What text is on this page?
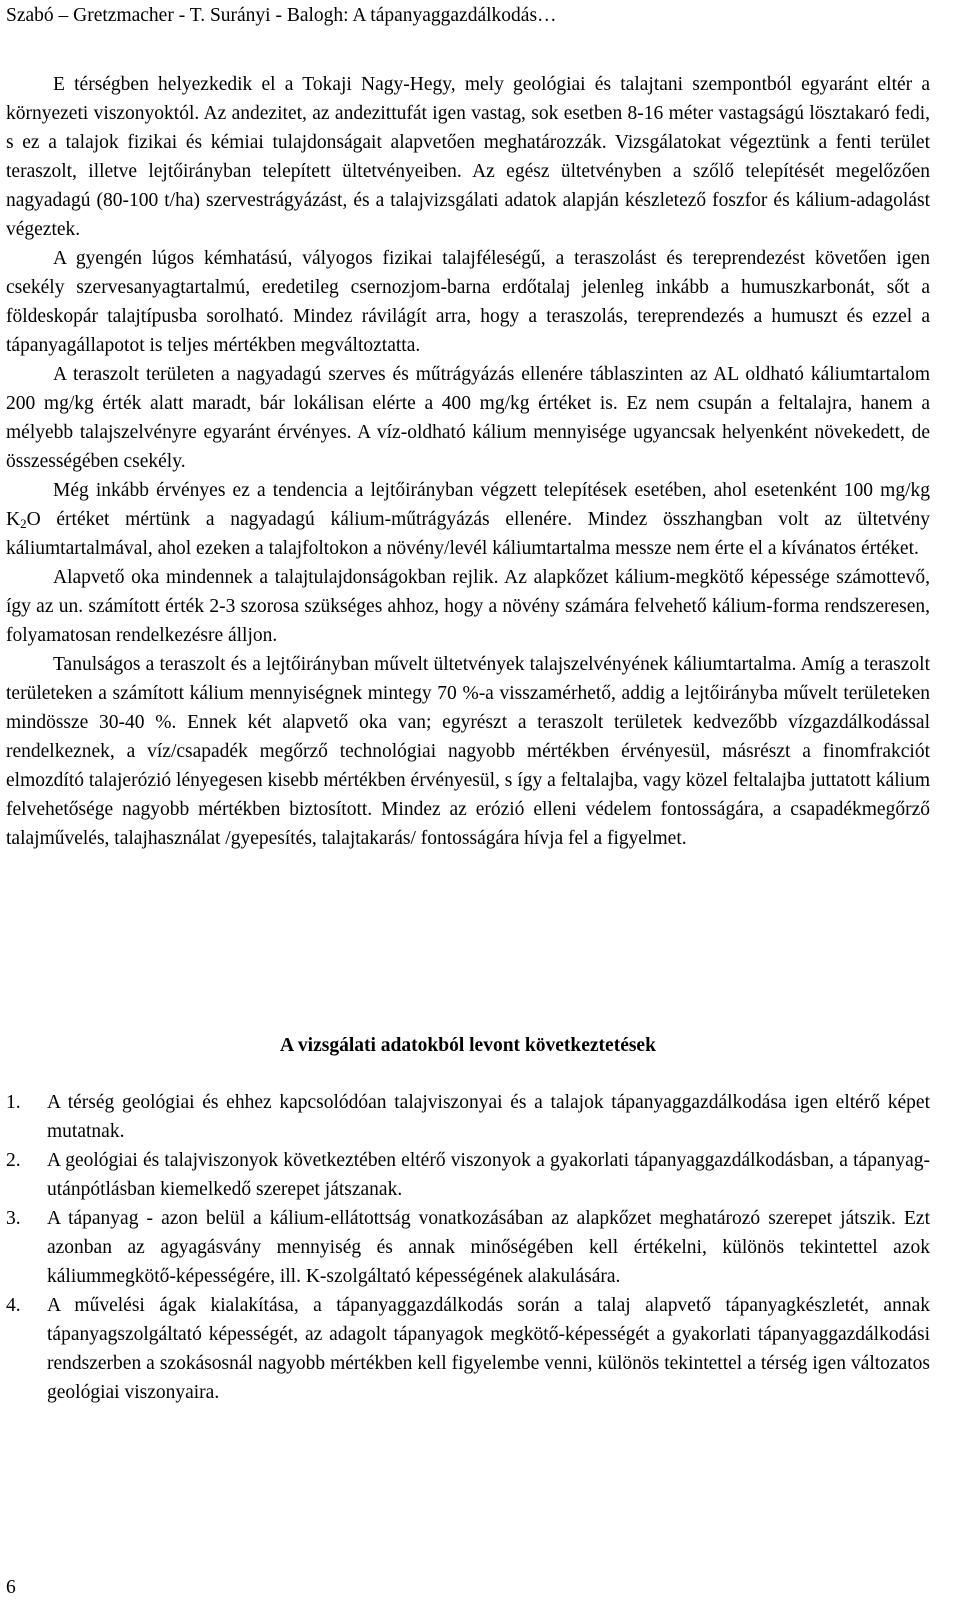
Szabó – Gretzmacher - T. Surányi - Balogh: A tápanyaggazdálkodás…

E térségben helyezkedik el a Tokaji Nagy-Hegy, mely geológiai és talajtani szempontból egyaránt eltér a környezeti viszonyoktól. Az andezitet, az andezittufát igen vastag, sok esetben 8-16 méter vastagságú lösztakaró fedi, s ez a talajok fizikai és kémiai tulajdonságait alapvetően meghatározzák. Vizsgálatokat végeztünk a fenti terület teraszolt, illetve lejtőirányban telepített ültetvényeiben. Az egész ültetvényben a szőlő telepítését megelőzően nagyadagú (80-100 t/ha) szervestrágyázást, és a talajvizsgálati adatok alapján készletező foszfor és kálium-adagolást végeztek.

A gyengén lúgos kémhatású, vályogos fizikai talajféleségű, a teraszolást és tereprendezést követően igen csekély szervesanyagtartalmú, eredetileg csernozjom-barna erdőtalaj jelenleg inkább a humuszkarbonát, sőt a földeskopár talajtípusba sorolható. Mindez rávilágít arra, hogy a teraszolás, tereprendezés a humuszt és ezzel a tápanyagállapotot is teljes mértékben megváltoztatta.

A teraszolt területen a nagyadagú szerves és műtrágyázás ellenére táblaszinten az AL oldható káliumtartalom 200 mg/kg érték alatt maradt, bár lokálisan elérte a 400 mg/kg értéket is. Ez nem csupán a feltalajra, hanem a mélyebb talajszelvényre egyaránt érvényes. A víz-oldható kálium mennyisége ugyancsak helyenként növekedett, de összességében csekély.

Még inkább érvényes ez a tendencia a lejtőirányban végzett telepítések esetében, ahol esetenként 100 mg/kg $K_2O$ értéket mértünk a nagyadagú kálium-műtrágyázás ellenére. Mindez összhangban volt az ültetvény káliumtartalmával, ahol ezeken a talajfoltokon a növény/levél káliumtartalma messze nem érte el a kívánatos értéket.

Alapvető oka mindennek a talajtulajdonságokban rejlik. Az alapkőzet kálium-megkötő képessége számottevő, így az un. számított érték 2-3 szorosa szükséges ahhoz, hogy a növény számára felvehető kálium-forma rendszeresen, folyamatosan rendelkezésre álljon.

Tanulságos a teraszolt és a lejtőirányban művelt ültetvények talajszelvényének káliumtartalma. Amíg a teraszolt területeken a számított kálium mennyiségnek mintegy 70 %-a visszamérhető, addig a lejtőirányba művelt területeken mindössze 30-40 %. Ennek két alapvető oka van; egyrészt a teraszolt területek kedvezőbb vízgazdálkodással rendelkeznek, a víz/csapadék megőrző technológiai nagyobb mértékben érvényesül, másrészt a finomfrakciót elmozdító talajerózió lényegesen kisebb mértékben érvényesül, s így a feltalajba, vagy közel feltalajba juttatott kálium felvehetősége nagyobb mértékben biztosított. Mindez az erózió elleni védelem fontosságára, a csapadékmegőrző talajművelés, talajhasználat /gyepesítés, talajtakarás/ fontosságára hívja fel a figyelmet.

A vizsgálati adatokból levont következtetések
1. A térség geológiai és ehhez kapcsolódóan talajviszonyai és a talajok tápanyaggazdálkodása igen eltérő képet mutatnak.
2. A geológiai és talajviszonyok következtében eltérő viszonyok a gyakorlati tápanyaggazdálkodásban, a tápanyag- utánpótlásban kiemelkedő szerepet játszanak.
3. A tápanyag - azon belül a kálium-ellátottság vonatkozásában az alapkőzet meghatározó szerepet játszik. Ezt azonban az agyagásvány mennyiség és annak minőségében kell értékelni, különös tekintettel azok káliummegkötő-képességére, ill. K-szolgáltató képességének alakulására.
4. A művelési ágak kialakítása, a tápanyaggazdálkodás során a talaj alapvető tápanyagkészletét, annak tápanyagszolgáltató képességét, az adagolt tápanyagok megkötő-képességét a gyakorlati tápanyaggazdálkodási rendszerben a szokásosnál nagyobb mértékben kell figyelembe venni, különös tekintettel a térség igen változatos geológiai viszonyaira.
6
